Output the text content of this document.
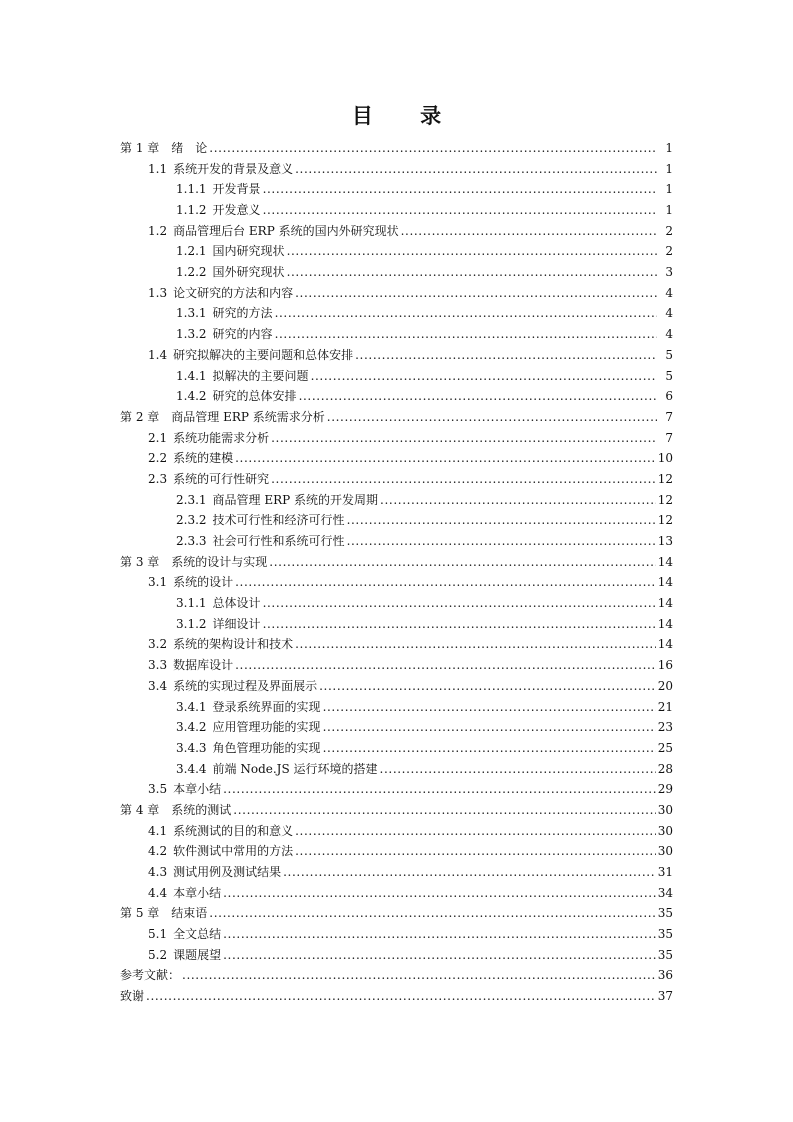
目 录
第 1 章 绪　论 . . .	1
1.1 系统开发的背景及意义 . . .	1
1.1.1 开发背景 . . .	1
1.1.2 开发意义 . . .	1
1.2 商品管理后台 ERP 系统的国内外研究现状 . . .	2
1.2.1 国内研究现状 . . .	2
1.2.2 国外研究现状 . . .	3
1.3 论文研究的方法和内容 . . .	4
1.3.1 研究的方法 . . .	4
1.3.2 研究的内容 . . .	4
1.4 研究拟解决的主要问题和总体安排 . . .	5
1.4.1 拟解决的主要问题 . . .	5
1.4.2 研究的总体安排 . . .	6
第 2 章 商品管理 ERP 系统需求分析 . . .	7
2.1 系统功能需求分析 . . .	7
2.2 系统的建模 . . .	10
2.3 系统的可行性研究 . . .	12
2.3.1 商品管理 ERP 系统的开发周期 . . .	12
2.3.2 技术可行性和经济可行性 . . .	12
2.3.3 社会可行性和系统可行性 . . .	13
第 3 章 系统的设计与实现 . . .	14
3.1 系统的设计 . . .	14
3.1.1 总体设计 . . .	14
3.1.2 详细设计 . . .	14
3.2 系统的架构设计和技术 . . .	14
3.3 数据库设计 . . .	16
3.4 系统的实现过程及界面展示 . . .	20
3.4.1 登录系统界面的实现 . . .	21
3.4.2 应用管理功能的实现 . . .	23
3.4.3 角色管理功能的实现 . . .	25
3.4.4 前端 Node.JS 运行环境的搭建 . . .	28
3.5 本章小结 . . .	29
第 4 章 系统的测试 . . .	30
4.1 系统测试的目的和意义 . . .	30
4.2 软件测试中常用的方法 . . .	30
4.3 测试用例及测试结果 . . .	31
4.4 本章小结 . . .	34
第 5 章 结束语 . . .	35
5.1 全文总结 . . .	35
5.2 课题展望 . . .	35
参考文献： . . .	36
致谢 . . .	37
